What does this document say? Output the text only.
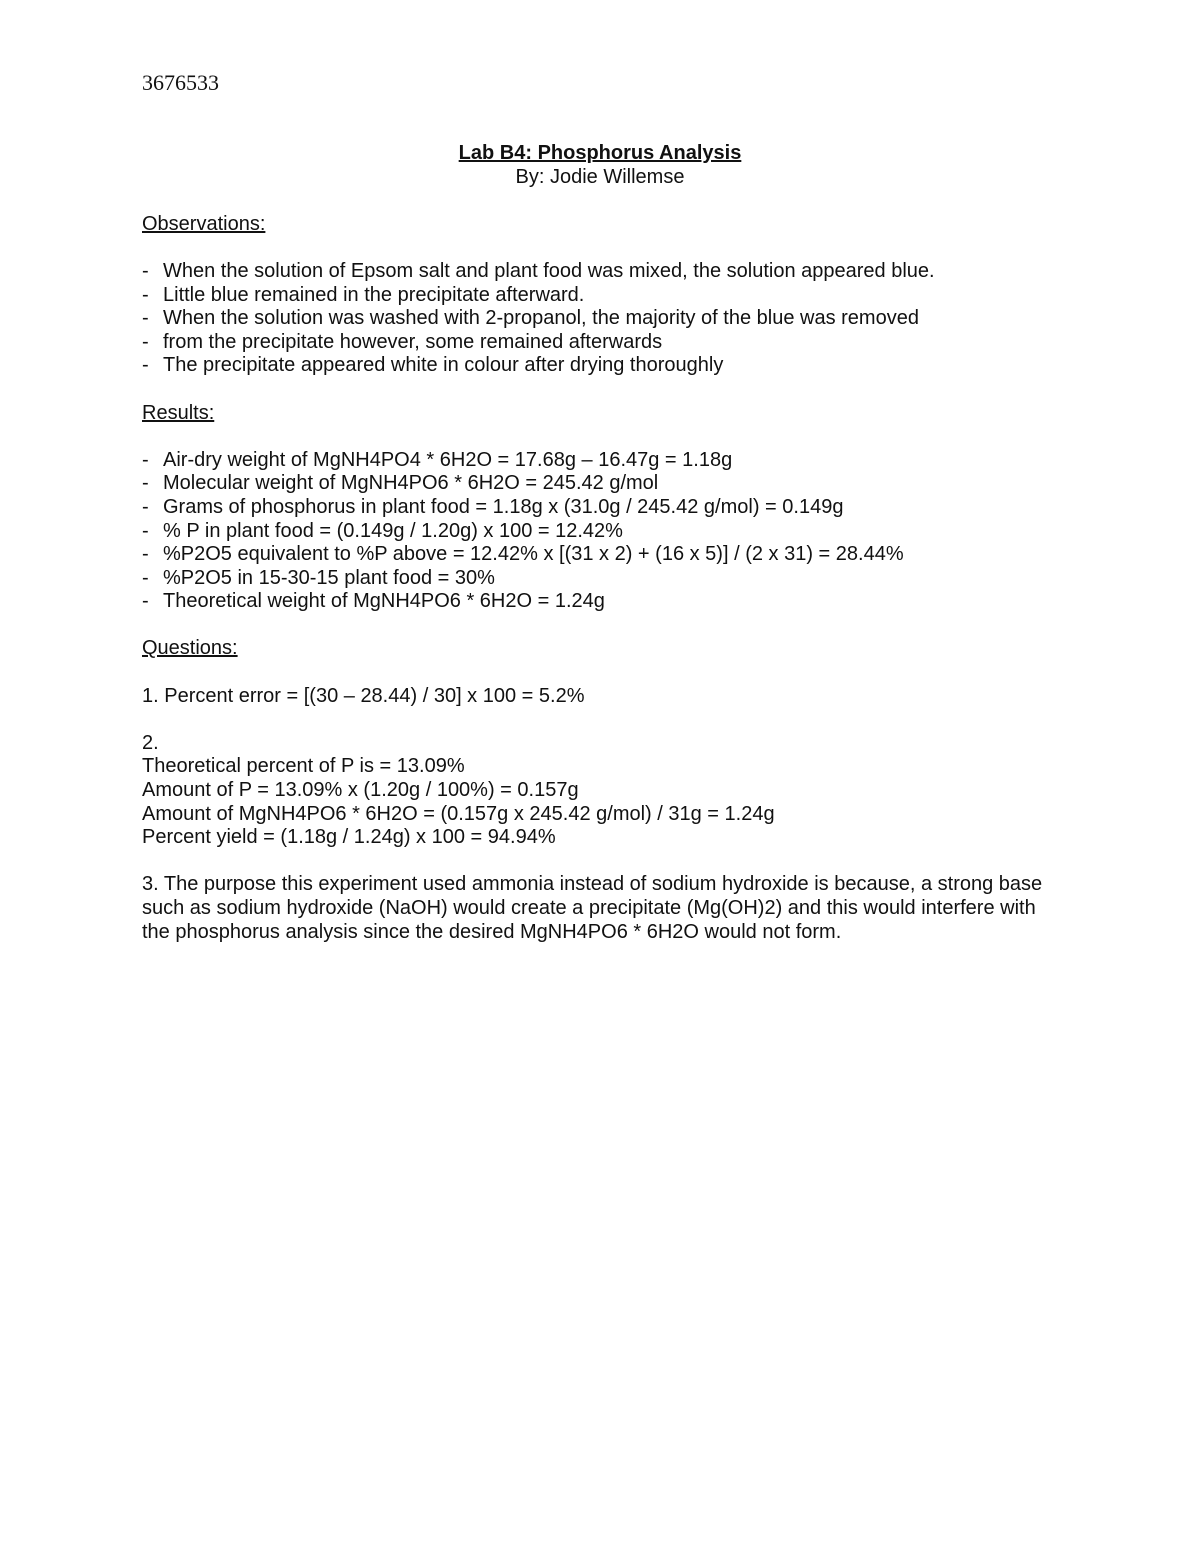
3676533
Lab B4: Phosphorus Analysis
By: Jodie Willemse
Observations:
- When the solution of Epsom salt and plant food was mixed, the solution appeared blue.
- Little blue remained in the precipitate afterward.
- When the solution was washed with 2-propanol, the majority of the blue was removed
- from the precipitate however, some remained afterwards
- The precipitate appeared white in colour after drying thoroughly
Results:
- Air-dry weight of MgNH4PO4 * 6H2O = 17.68g – 16.47g = 1.18g
- Molecular weight of MgNH4PO6 * 6H2O = 245.42 g/mol
- Grams of phosphorus in plant food = 1.18g x (31.0g / 245.42 g/mol) = 0.149g
- % P in plant food = (0.149g / 1.20g) x 100 = 12.42%
- %P2O5 equivalent to %P above = 12.42% x [(31 x 2) + (16 x 5)] / (2 x 31) = 28.44%
- %P2O5 in 15-30-15 plant food = 30%
- Theoretical weight of MgNH4PO6 * 6H2O = 1.24g
Questions:
1. Percent error = [(30 – 28.44) / 30] x 100 = 5.2%
2.
Theoretical percent of P is = 13.09%
Amount of P = 13.09% x (1.20g / 100%) = 0.157g
Amount of MgNH4PO6 * 6H2O = (0.157g x 245.42 g/mol) / 31g = 1.24g
Percent yield = (1.18g / 1.24g) x 100 = 94.94%
3. The purpose this experiment used ammonia instead of sodium hydroxide is because, a strong base such as sodium hydroxide (NaOH) would create a precipitate (Mg(OH)2) and this would interfere with the phosphorus analysis since the desired MgNH4PO6 * 6H2O would not form.
